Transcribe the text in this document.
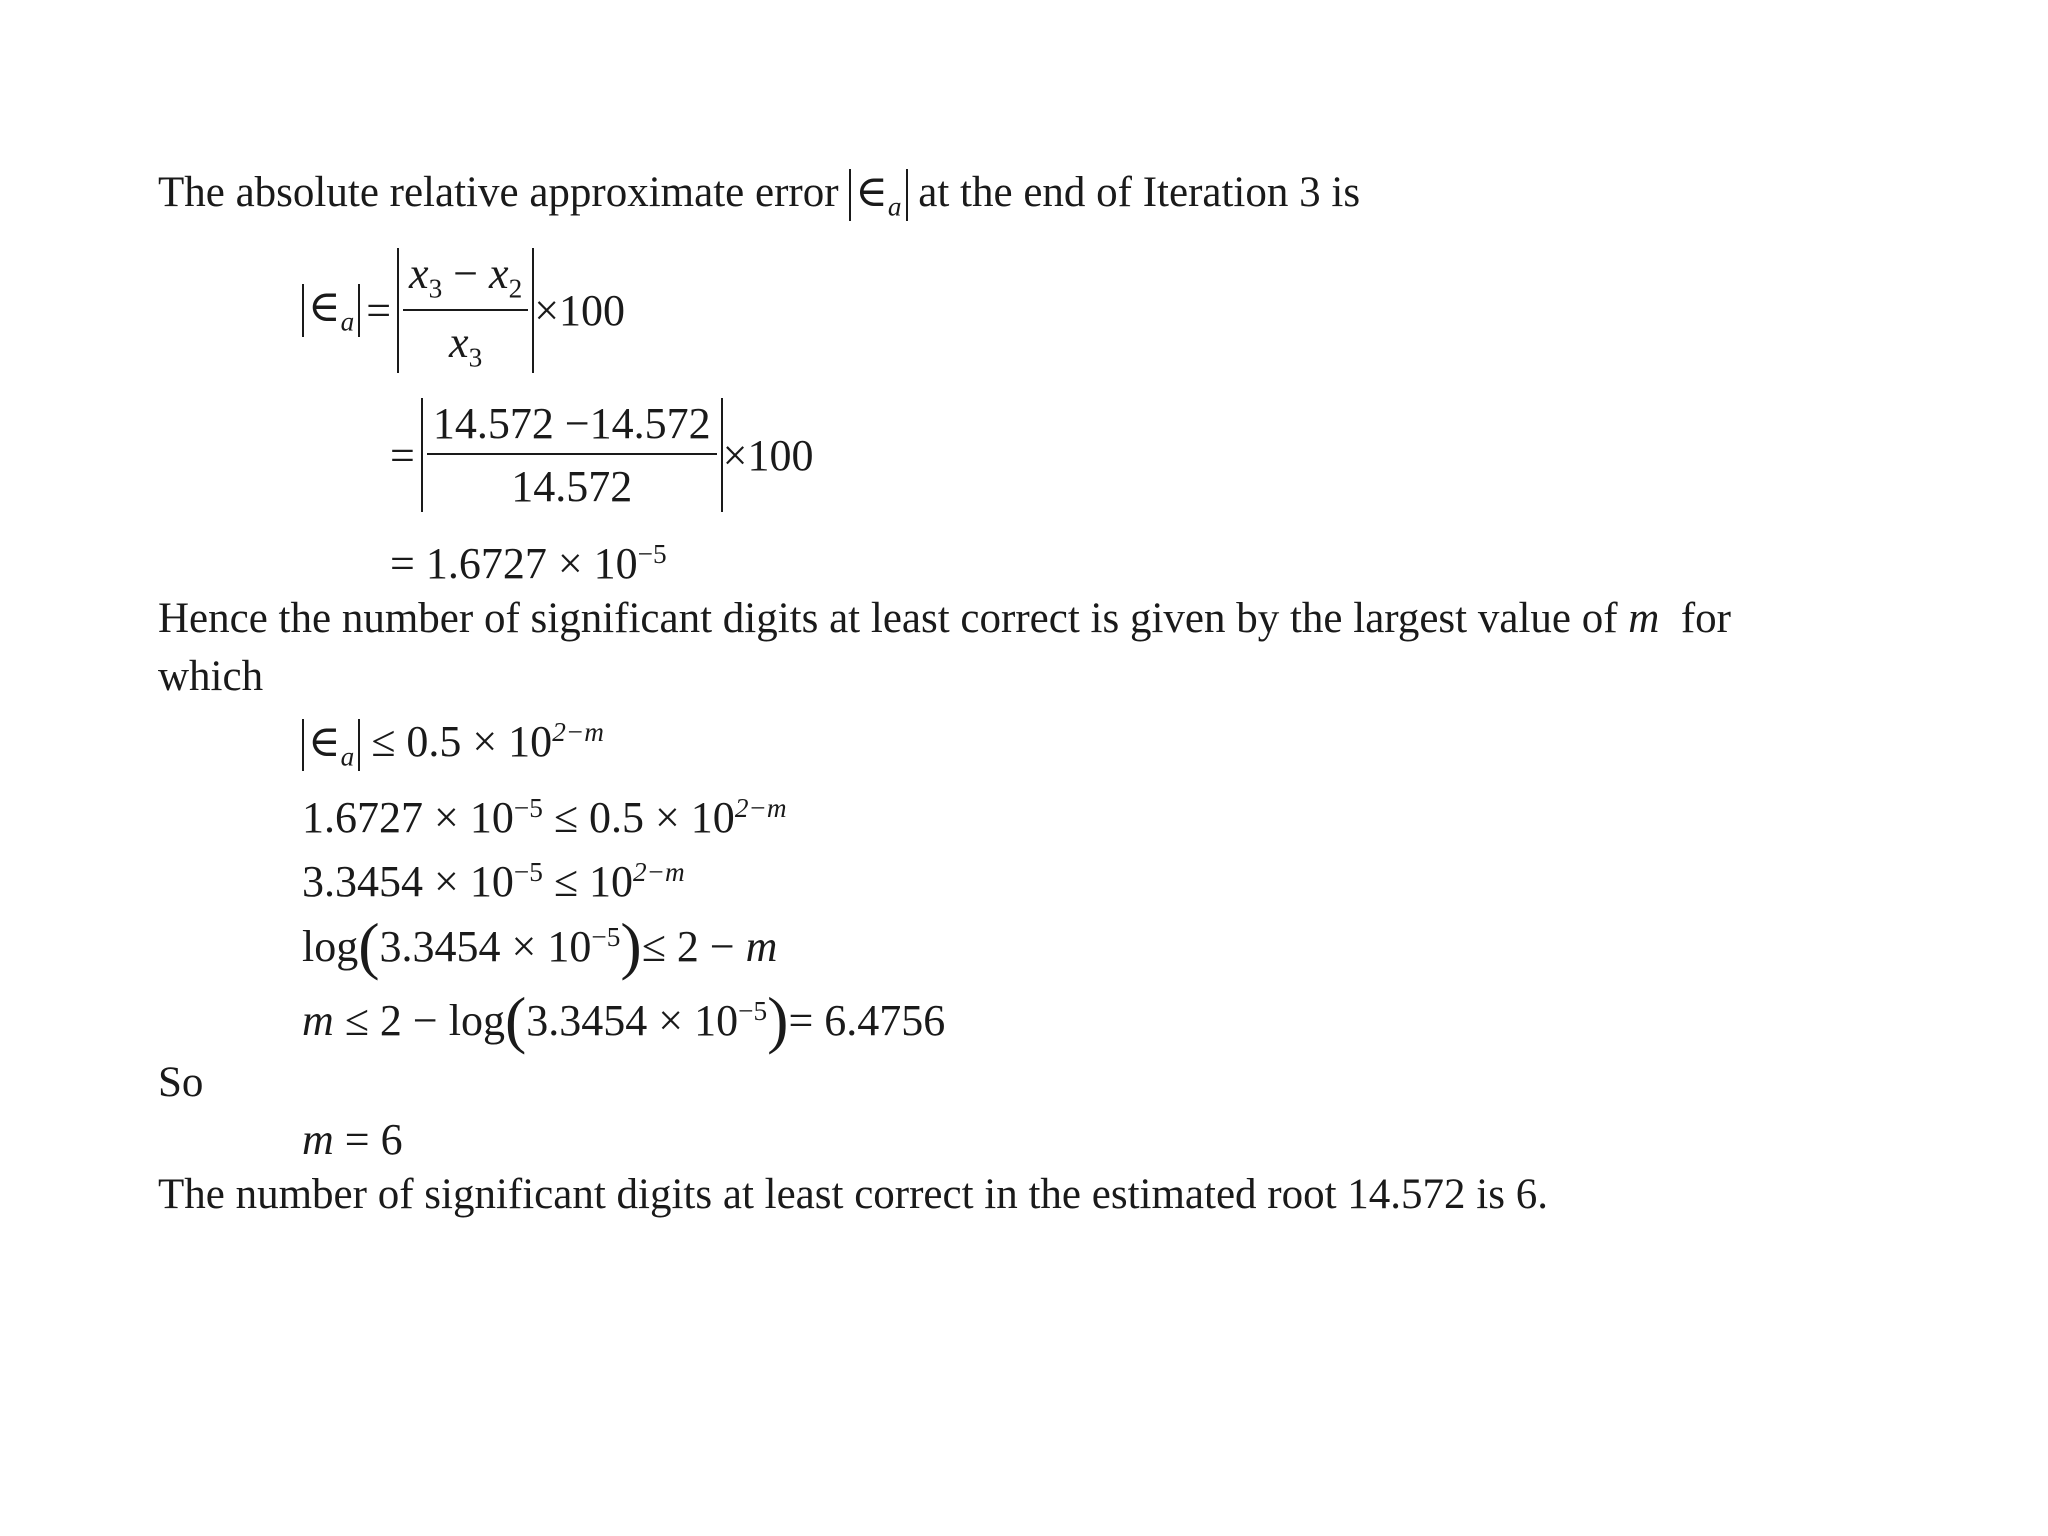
The absolute relative approximate error $\in_a$ at the end of Iteration 3 is
$\in_a = \frac{x_3 - x_2}{x_3} \times 100$
= $\frac{14.572 -14.572}{14.572} \times 100$
= $1.6727 \times 10^{-5}$
Hence the number of significant digits at least correct is given by the largest value of m for
which
$\in_a \le 0.5 \times 10^{2-m}$
$1.6727 \times 10^{-5} \le 0.5 \times 10^{2-m}$
$3.3454 \times 10^{-5} \le 10^{2-m}$
$\log(3.3454 \times 10^{-5})\le 2 - m$
$m \le 2 - \log(3.3454 \times 10^{-5})= 6.4756$
So
m = 6
The number of significant digits at least correct in the estimated root 14.572 is 6.
